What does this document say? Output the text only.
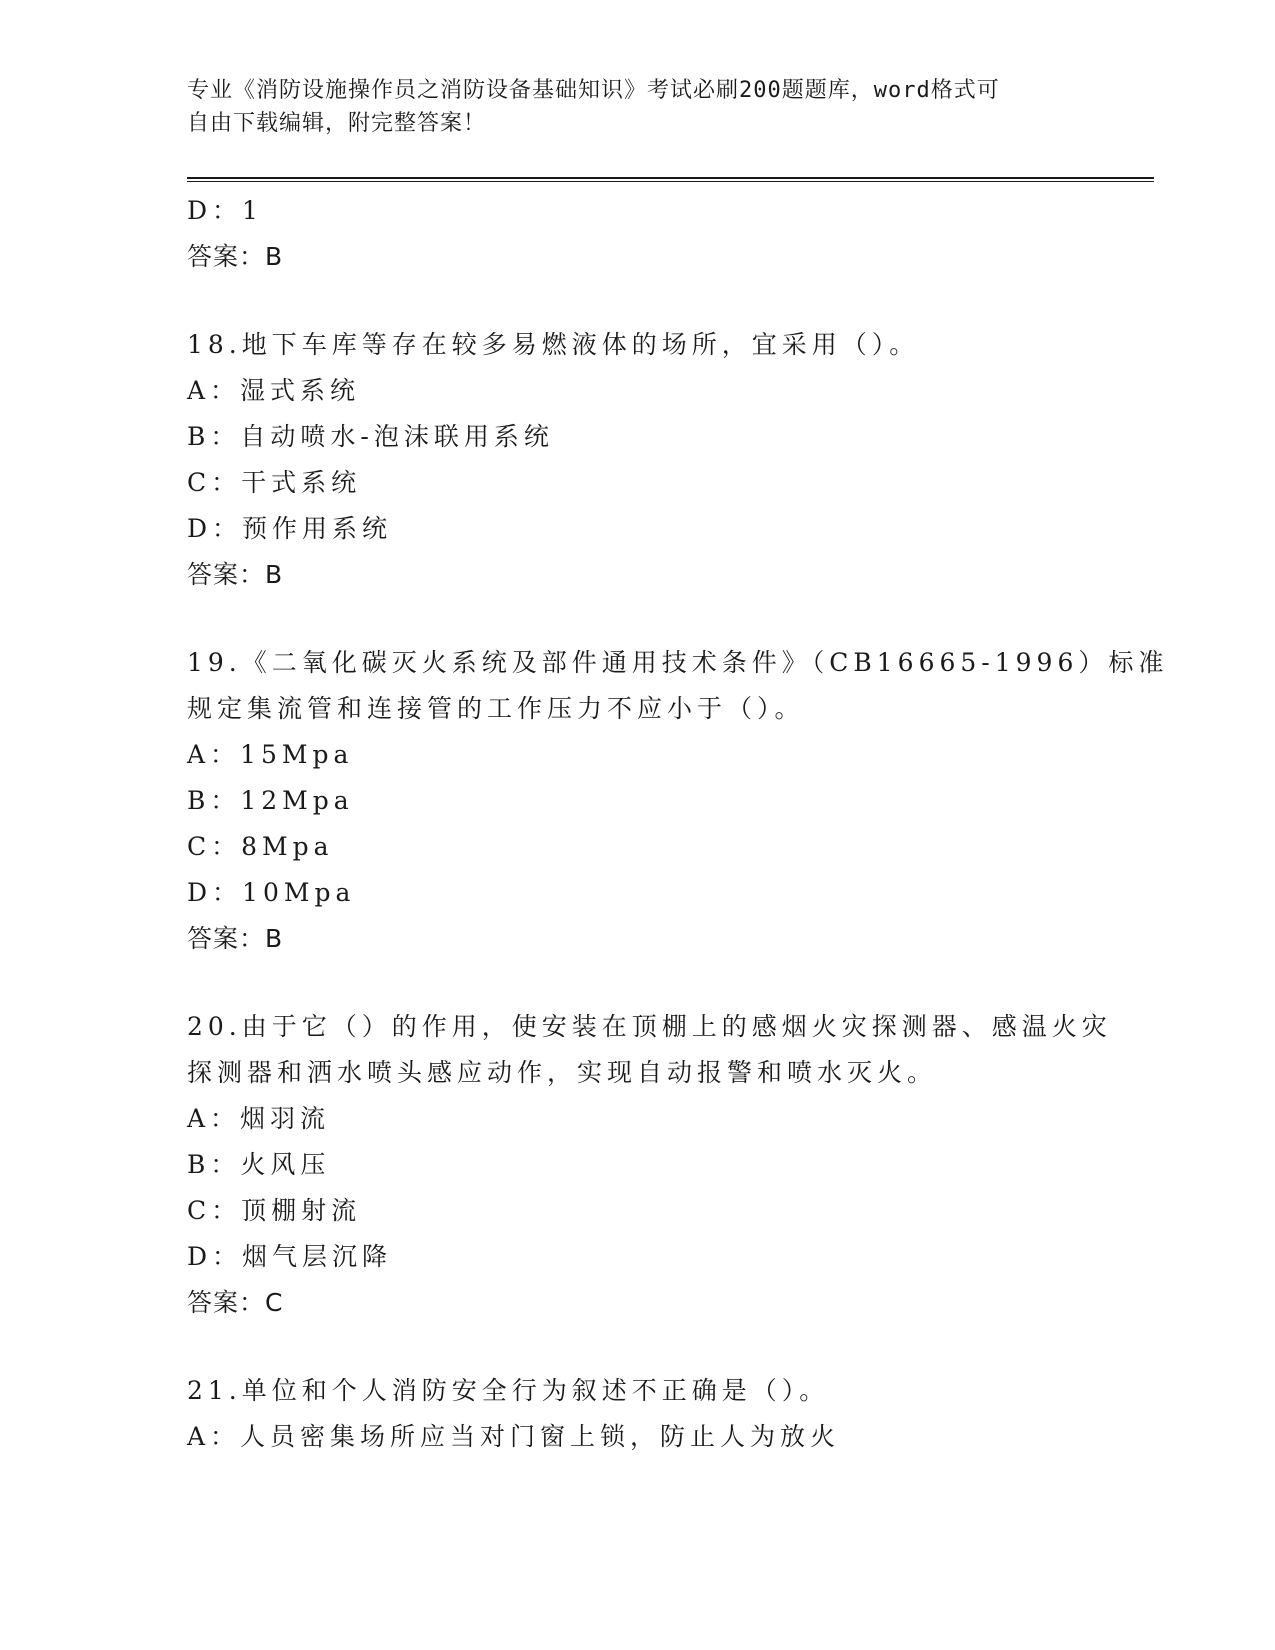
专业《消防设施操作员之消防设备基础知识》考试必刷200题题库，word格式可
自由下载编辑，附完整答案！
D：1
答案：B
18.地下车库等存在较多易燃液体的场所，宜采用（）。
A：湿式系统
B：自动喷水-泡沫联用系统
C：干式系统
D：预作用系统
答案：B
19.《二氧化碳灭火系统及部件通用技术条件》（CB16665-1996）标准
规定集流管和连接管的工作压力不应小于（）。
A：15Mpa
B：12Mpa
C：8Mpa
D：10Mpa
答案：B
20.由于它（）的作用，使安装在顶棚上的感烟火灾探测器、感温火灾
探测器和洒水喷头感应动作，实现自动报警和喷水灭火。
A：烟羽流
B：火风压
C：顶棚射流
D：烟气层沉降
答案：C
21.单位和个人消防安全行为叙述不正确是（）。
A：人员密集场所应当对门窗上锁，防止人为放火
